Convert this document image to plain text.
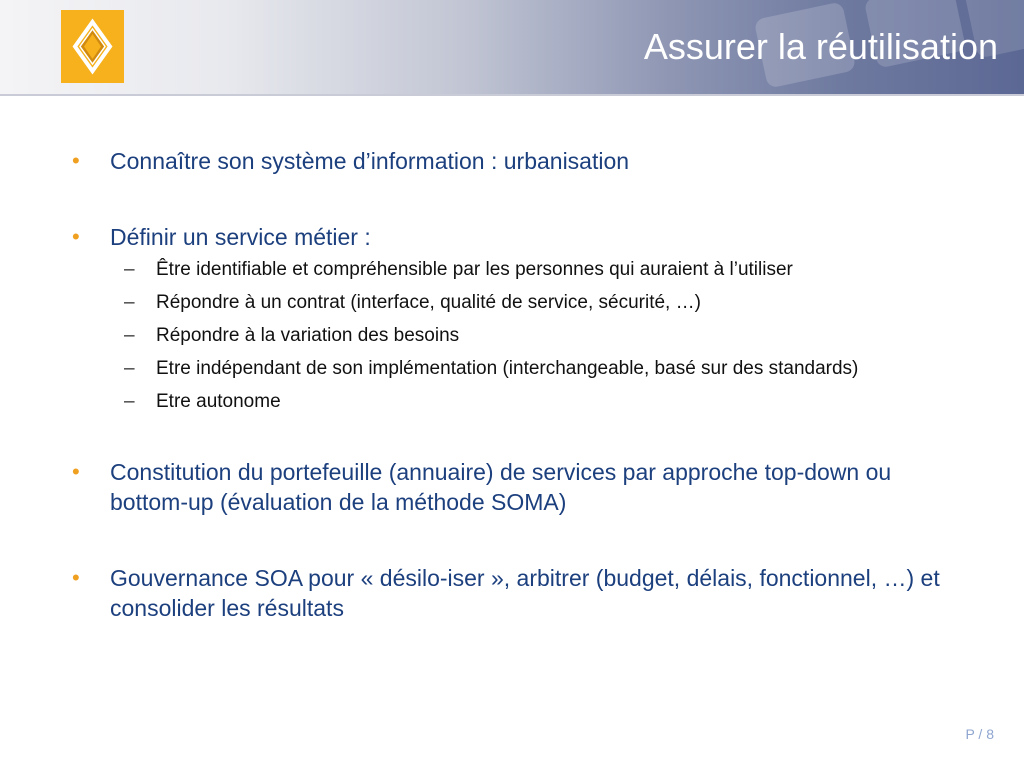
Assurer la réutilisation
• Connaître son système d’information : urbanisation
• Définir un service métier :
– Être identifiable et compréhensible par les personnes qui auraient à l’utiliser
– Répondre à un contrat (interface, qualité de service, sécurité, …)
– Répondre à la variation des besoins
– Etre indépendant de son implémentation (interchangeable, basé sur des standards)
– Etre autonome
• Constitution du portefeuille (annuaire) de services par approche top-down ou bottom-up (évaluation de la méthode SOMA)
• Gouvernance SOA pour « désilo-iser », arbitrer (budget, délais, fonctionnel, …) et consolider les résultats
P / 8
